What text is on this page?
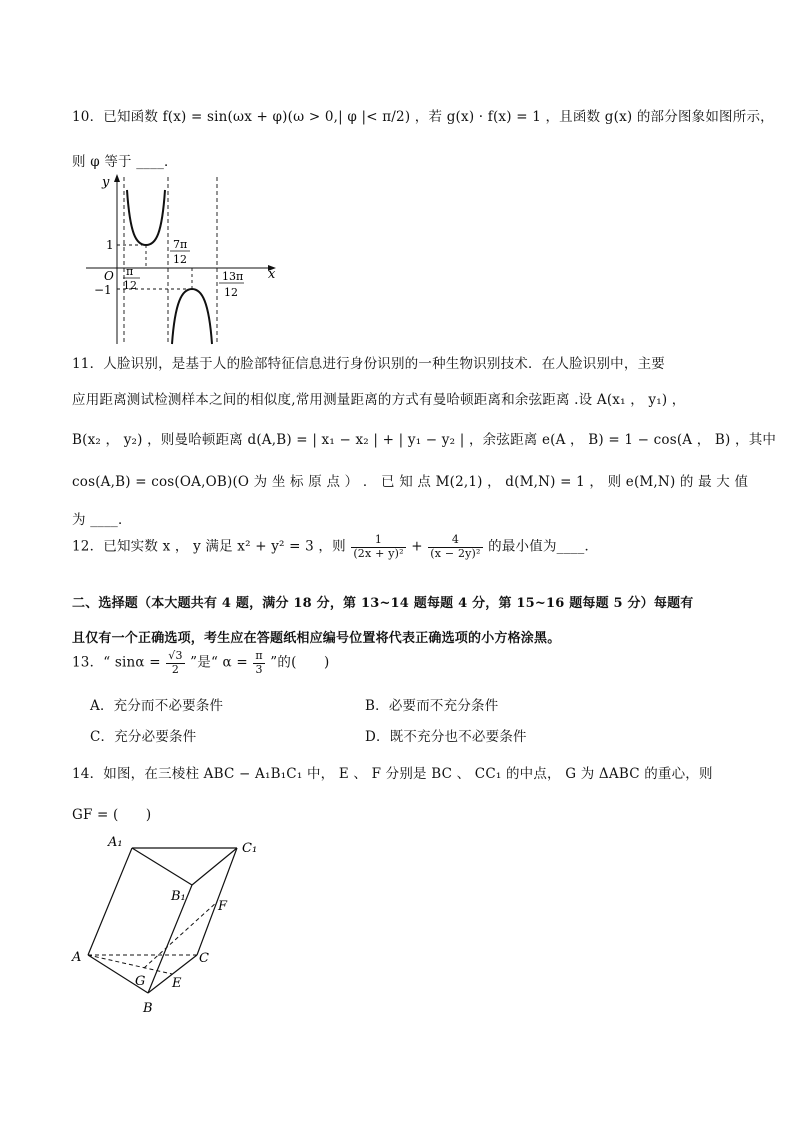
10．已知函数 f(x) = sin(ωx + φ)(ω > 0,| φ |< π/2) ，若 g(x) · f(x) = 1 ，且函数 g(x) 的部分图象如图所示，
则 φ 等于 ____．
y
x
O
1
−1
π
12
7π
12
13π
12
11．人脸识别，是基于人的脸部特征信息进行身份识别的一种生物识别技术．在人脸识别中，主要
应用距离测试检测样本之间的相似度,常用测量距离的方式有曼哈顿距离和余弦距离 .设 A(x₁ ， y₁) ，
B(x₂ ， y₂) ，则曼哈顿距离 d(A,B) = | x₁ − x₂ | + | y₁ − y₂ | ，余弦距离 e(A ， B) = 1 − cos(A ， B) ，其中
cos(A,B) = cos(OA,OB)(O 为 坐 标 原 点 ） ． 已 知 点 M(2,1) ， d(M,N) = 1 ， 则 e(M,N) 的 最 大 值
为 ____．
12．已知实数 x ， y 满足 x² + y² = 3 ，则 $\frac{1}{\text{(2x + y)²}} + \frac{4}{\text{(x − 2y)²}}$ 的最小值为____．
二、选择题（本大题共有 4 题，满分 18 分，第 13~14 题每题 4 分，第 15~16 题每题 5 分）每题有
且仅有一个正确选项，考生应在答题纸相应编号位置将代表正确选项的小方格涂黑。
13．“ $\sin\alpha = \frac{√3}{2}$ ”是“ $\alpha = \frac{\pi}{3}$ ”的(　　)
A．充分而不必要条件	B．必要而不充分条件
C．充分必要条件	D．既不充分也不必要条件
14．如图，在三棱柱 ABC − A₁B₁C₁ 中， E 、 F 分别是 BC 、 CC₁ 的中点， G 为 ΔABC 的重心，则
GF = (　　)
A₁	C₁
B₁
F
A	C
G E
B
